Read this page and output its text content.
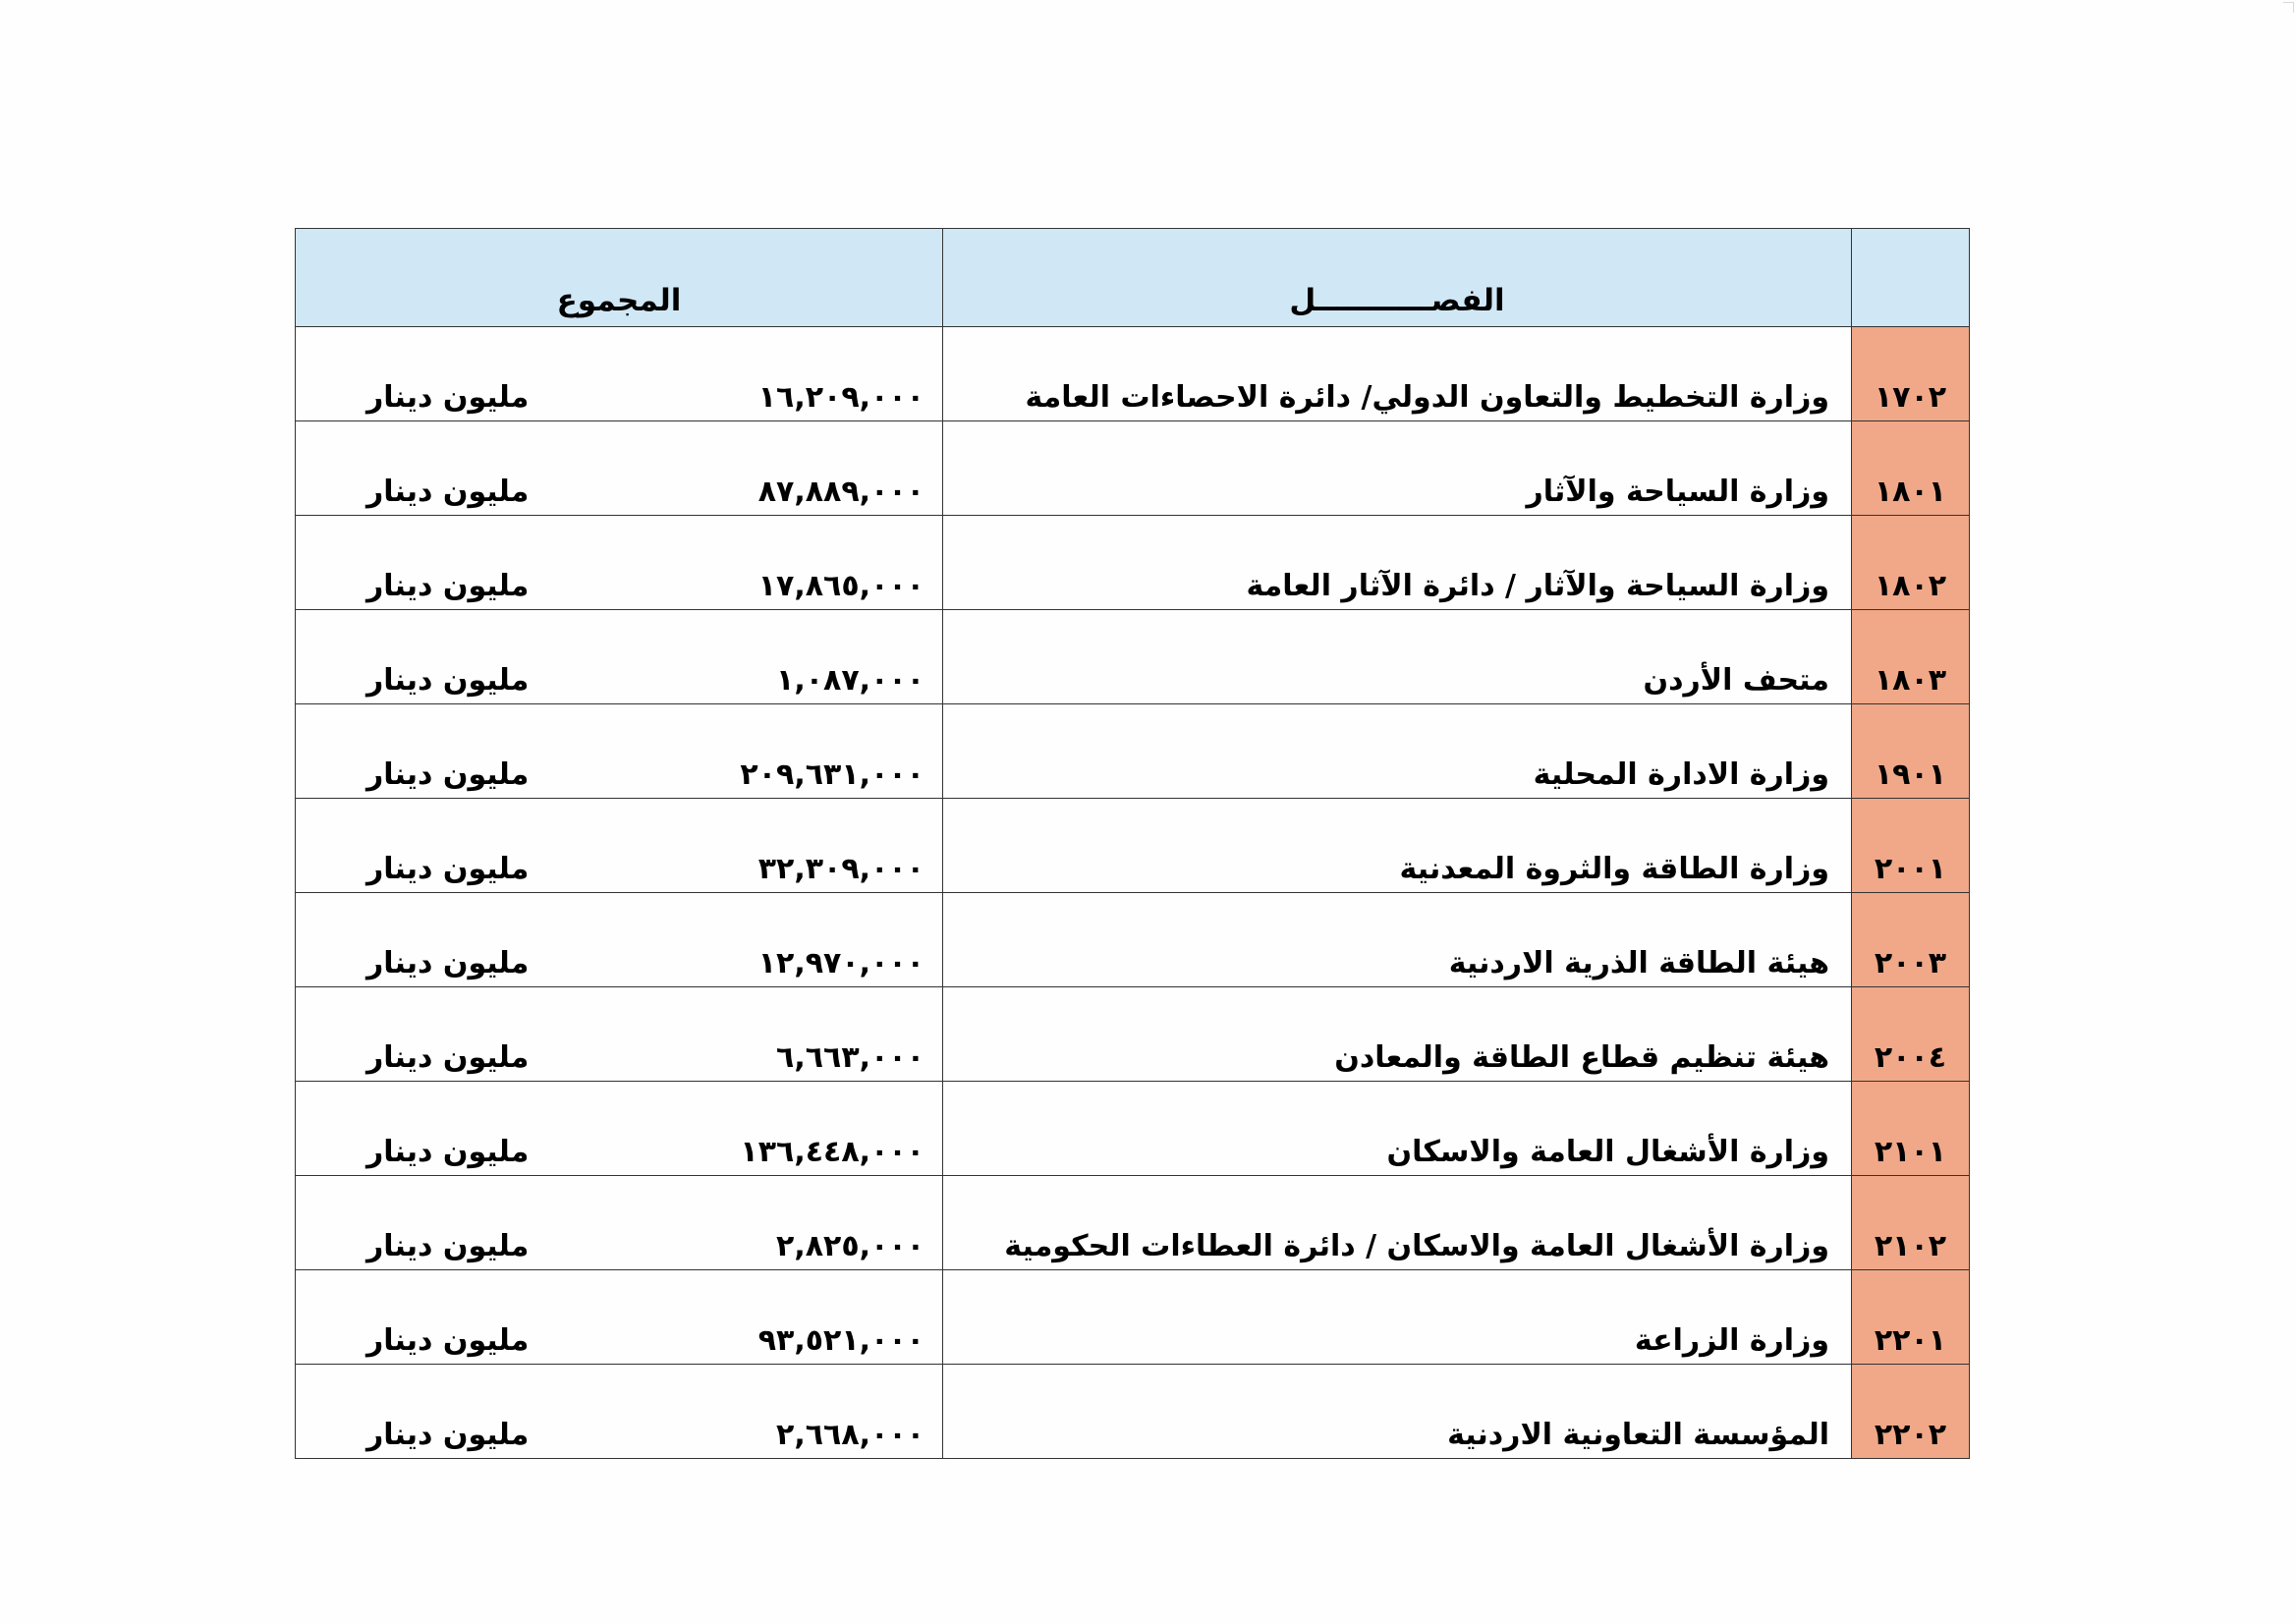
	الفصـــــــــــل	المجموع
١٧٠٢	وزارة التخطيط والتعاون الدولي/ دائرة الاحصاءات العامة	مليون دينار ١٦,٢٠٩,٠٠٠

١٨٠١	وزارة السياحة والآثار	مليون دينار ٨٧,٨٨٩,٠٠٠

١٨٠٢	وزارة السياحة والآثار / دائرة الآثار العامة	مليون دينار ١٧,٨٦٥,٠٠٠

١٨٠٣	متحف الأردن	مليون دينار ١,٠٨٧,٠٠٠

١٩٠١	وزارة الادارة المحلية	مليون دينار ٢٠٩,٦٣١,٠٠٠

٢٠٠١	وزارة الطاقة والثروة المعدنية	مليون دينار ٣٢,٣٠٩,٠٠٠

٢٠٠٣	هيئة الطاقة الذرية الاردنية	مليون دينار ١٢,٩٧٠,٠٠٠

٢٠٠٤	هيئة تنظيم قطاع الطاقة والمعادن	مليون دينار ٦,٦٦٣,٠٠٠

٢١٠١	وزارة الأشغال العامة والاسكان	مليون دينار ١٣٦,٤٤٨,٠٠٠

٢١٠٢	وزارة الأشغال العامة والاسكان / دائرة العطاءات الحكومية	مليون دينار ٢,٨٢٥,٠٠٠

٢٢٠١	وزارة الزراعة	مليون دينار ٩٣,٥٢١,٠٠٠

٢٢٠٢	المؤسسة التعاونية الاردنية	مليون دينار ٢,٦٦٨,٠٠٠
